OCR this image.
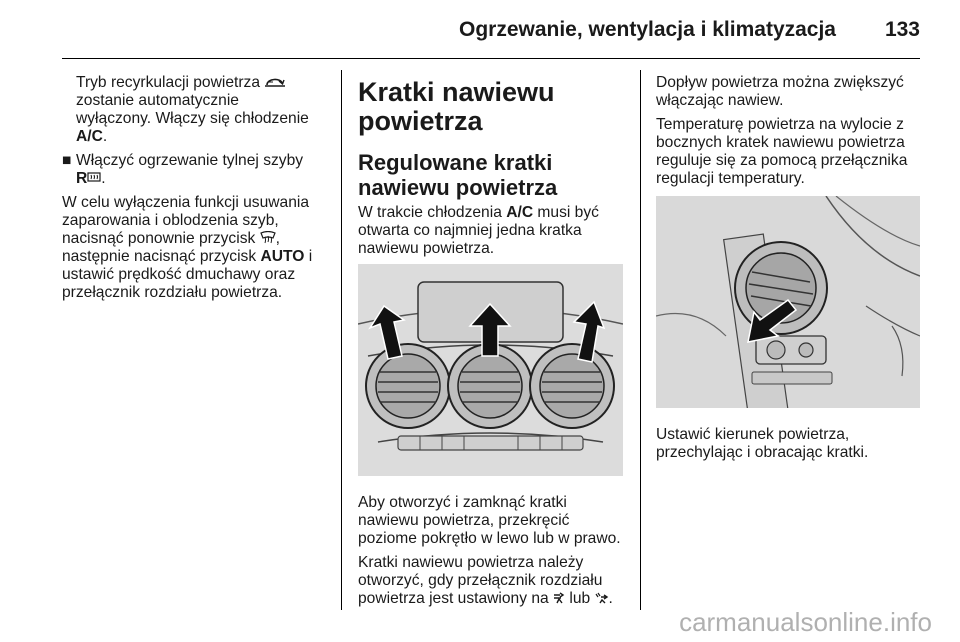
Ogrzewanie, wentylacja i klimatyzacja 133

Tryb recyrkulacji powietrza
zostanie automatycznie
wyłączony. Włączy się chłodzenie
A/C.

■ Włączyć ogrzewanie tylnej szyby
R .

W celu wyłączenia funkcji usuwania
zaparowania i oblodzenia szyb,
nacisnąć ponownie przycisk ,
następnie nacisnąć przycisk AUTO i
ustawić prędkość dmuchawy oraz
przełącznik rozdziału powietrza.

Kratki nawiewu
powietrza
Regulowane kratki
nawiewu powietrza

W trakcie chłodzenia A/C musi być
otwarta co najmniej jedna kratka
nawiewu powietrza.

Aby otworzyć i zamknąć kratki
nawiewu powietrza, przekręcić
poziome pokrętło w lewo lub w prawo.

Kratki nawiewu powietrza należy
otworzyć, gdy przełącznik rozdziału
powietrza jest ustawiony na lub .

Dopływ powietrza można zwiększyć
włączając nawiew.

Temperaturę powietrza na wylocie z
bocznych kratek nawiewu powietrza
reguluje się za pomocą przełącznika
regulacji temperatury.

Ustawić kierunek powietrza,
przechylając i obracając kratki.

carmanualsonline.info
